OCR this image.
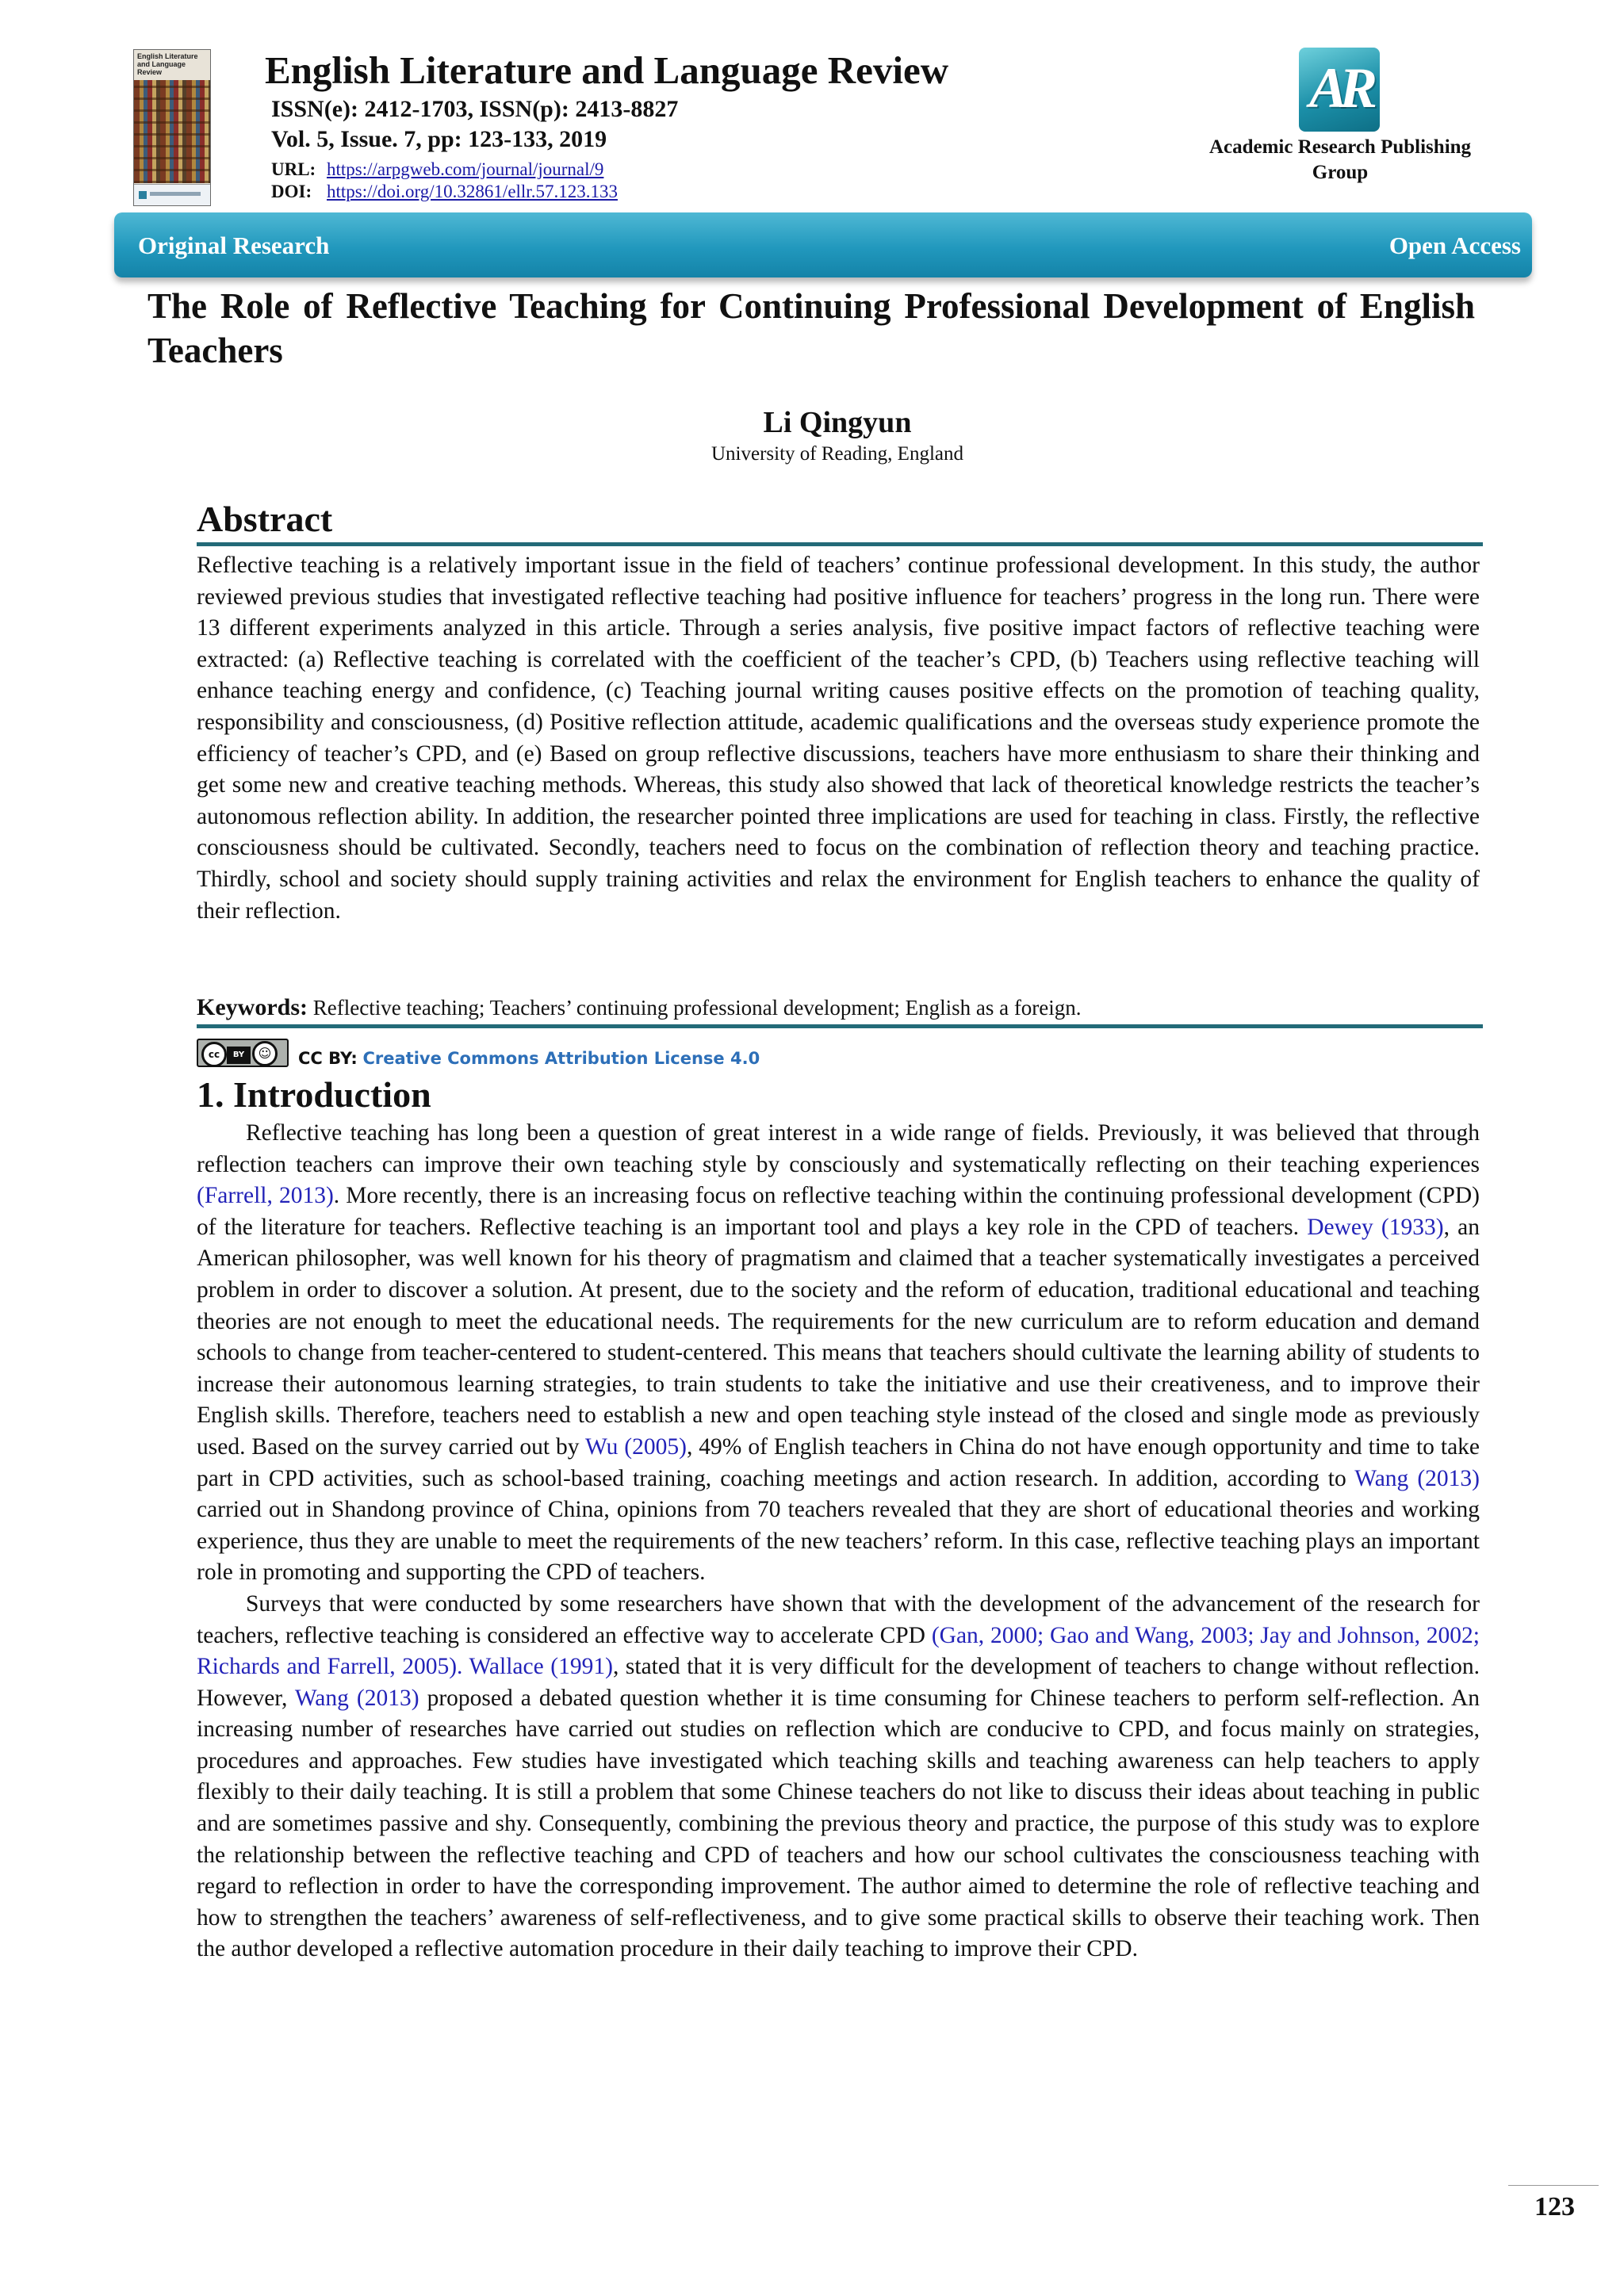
English Literature and Language Review	English Literature and Language Review
ISSN(e): 2412-1703, ISSN(p): 2413-8827
Vol. 5, Issue. 7, pp: 123-133, 2019
URL: https://arpgweb.com/journal/journal/9
DOI: https://doi.org/10.32861/ellr.57.123.133
AR
Academic Research Publishing
Group
Original Research	Open Access
The Role of Reflective Teaching for Continuing Professional Development of English Teachers
Li Qingyun
University of Reading, England
Abstract

Reflective teaching is a relatively important issue in the field of teachers’ continue professional development. In this study, the author reviewed previous studies that investigated reflective teaching had positive influence for teachers’ progress in the long run. There were 13 different experiments analyzed in this article. Through a series analysis, five positive impact factors of reflective teaching were extracted: (a) Reflective teaching is correlated with the coefficient of the teacher’s CPD, (b) Teachers using reflective teaching will enhance teaching energy and confidence, (c) Teaching journal writing causes positive effects on the promotion of teaching quality, responsibility and consciousness, (d) Positive reflection attitude, academic qualifications and the overseas study experience promote the efficiency of teacher’s CPD, and (e) Based on group reflective discussions, teachers have more enthusiasm to share their thinking and get some new and creative teaching methods. Whereas, this study also showed that lack of theoretical knowledge restricts the teacher’s autonomous reflection ability. In addition, the researcher pointed three implications are used for teaching in class. Firstly, the reflective consciousness should be cultivated. Secondly, teachers need to focus on the combination of reflection theory and teaching practice. Thirdly, school and society should supply training activities and relax the environment for English teachers to enhance the quality of their reflection.

Keywords: Reflective teaching; Teachers’ continuing professional development; English as a foreign.

cc	BY	☺	CC BY: Creative Commons Attribution License 4.0
1. Introduction

Reflective teaching has long been a question of great interest in a wide range of fields. Previously, it was believed that through reflection teachers can improve their own teaching style by consciously and systematically reflecting on their teaching experiences (Farrell, 2013). More recently, there is an increasing focus on reflective teaching within the continuing professional development (CPD) of the literature for teachers. Reflective teaching is an important tool and plays a key role in the CPD of teachers. Dewey (1933), an American philosopher, was well known for his theory of pragmatism and claimed that a teacher systematically investigates a perceived problem in order to discover a solution. At present, due to the society and the reform of education, traditional educational and teaching theories are not enough to meet the educational needs. The requirements for the new curriculum are to reform education and demand schools to change from teacher-centered to student-centered. This means that teachers should cultivate the learning ability of students to increase their autonomous learning strategies, to train students to take the initiative and use their creativeness, and to improve their English skills. Therefore, teachers need to establish a new and open teaching style instead of the closed and single mode as previously used. Based on the survey carried out by Wu (2005), 49% of English teachers in China do not have enough opportunity and time to take part in CPD activities, such as school-based training, coaching meetings and action research. In addition, according to Wang (2013) carried out in Shandong province of China, opinions from 70 teachers revealed that they are short of educational theories and working experience, thus they are unable to meet the requirements of the new teachers’ reform. In this case, reflective teaching plays an important role in promoting and supporting the CPD of teachers.

Surveys that were conducted by some researchers have shown that with the development of the advancement of the research for teachers, reflective teaching is considered an effective way to accelerate CPD (Gan, 2000; Gao and Wang, 2003; Jay and Johnson, 2002; Richards and Farrell, 2005). Wallace (1991), stated that it is very difficult for the development of teachers to change without reflection. However, Wang (2013) proposed a debated question whether it is time consuming for Chinese teachers to perform self-reflection. An increasing number of researches have carried out studies on reflection which are conducive to CPD, and focus mainly on strategies, procedures and approaches. Few studies have investigated which teaching skills and teaching awareness can help teachers to apply flexibly to their daily teaching. It is still a problem that some Chinese teachers do not like to discuss their ideas about teaching in public and are sometimes passive and shy. Consequently, combining the previous theory and practice, the purpose of this study was to explore the relationship between the reflective teaching and CPD of teachers and how our school cultivates the consciousness teaching with regard to reflection in order to have the corresponding improvement. The author aimed to determine the role of reflective teaching and how to strengthen the teachers’ awareness of self-reflectiveness, and to give some practical skills to observe their teaching work. Then the author developed a reflective automation procedure in their daily teaching to improve their CPD.

123
